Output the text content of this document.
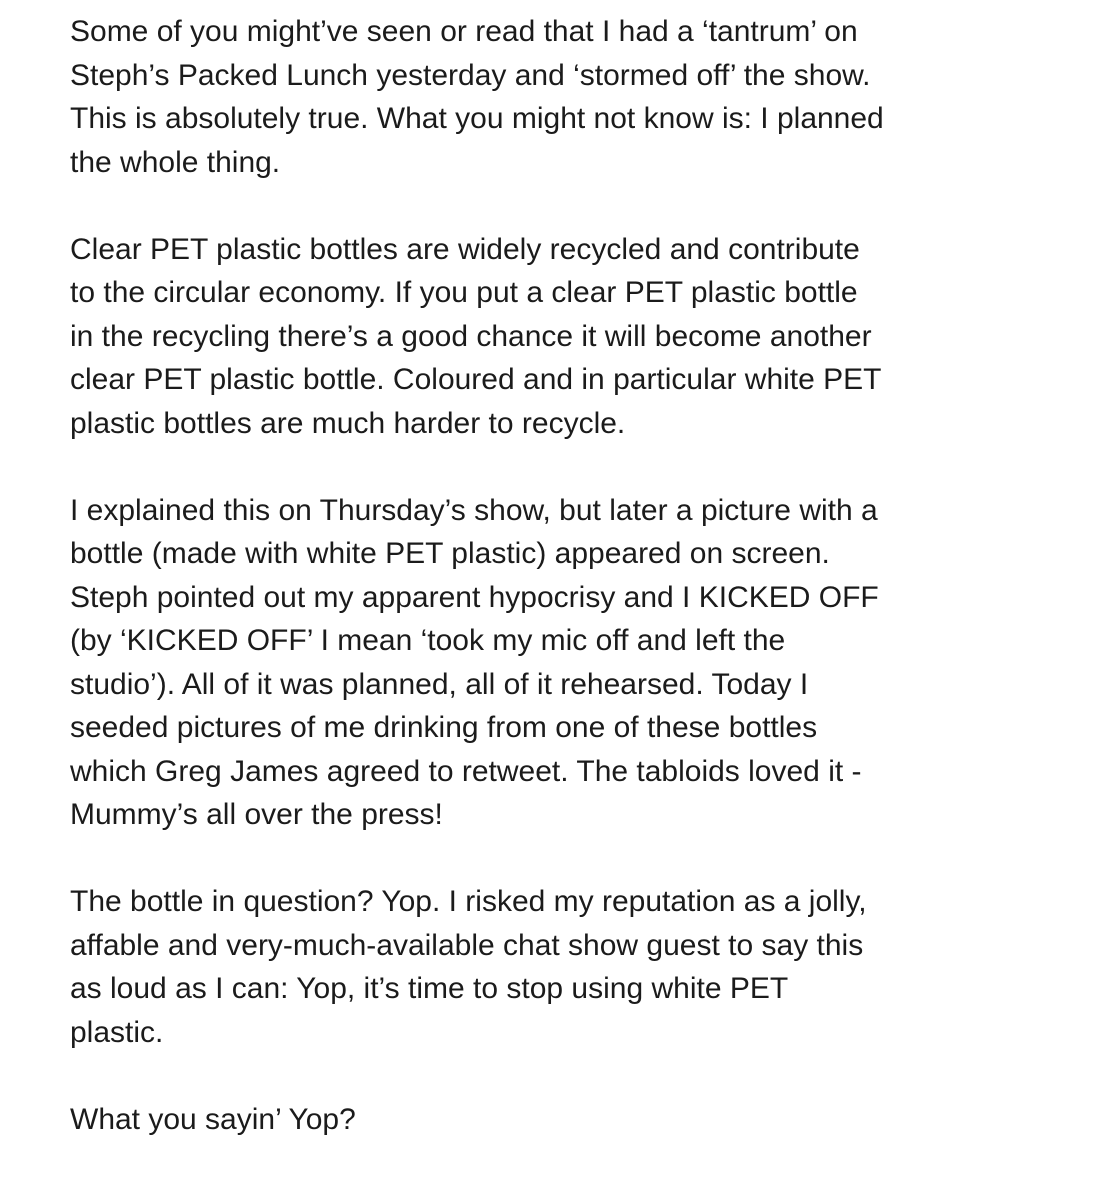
Some of you might’ve seen or read that I had a ‘tantrum’ on
Steph’s Packed Lunch yesterday and ‘stormed off’ the show.
This is absolutely true. What you might not know is: I planned
the whole thing.

Clear PET plastic bottles are widely recycled and contribute
to the circular economy. If you put a clear PET plastic bottle
in the recycling there’s a good chance it will become another
clear PET plastic bottle. Coloured and in particular white PET
plastic bottles are much harder to recycle.

I explained this on Thursday’s show, but later a picture with a
bottle (made with white PET plastic) appeared on screen.
Steph pointed out my apparent hypocrisy and I KICKED OFF
(by ‘KICKED OFF’ I mean ‘took my mic off and left the
studio’). All of it was planned, all of it rehearsed. Today I
seeded pictures of me drinking from one of these bottles
which Greg James agreed to retweet. The tabloids loved it -
Mummy’s all over the press!

The bottle in question? Yop. I risked my reputation as a jolly,
affable and very-much-available chat show guest to say this
as loud as I can: Yop, it’s time to stop using white PET
plastic.

What you sayin’ Yop?
